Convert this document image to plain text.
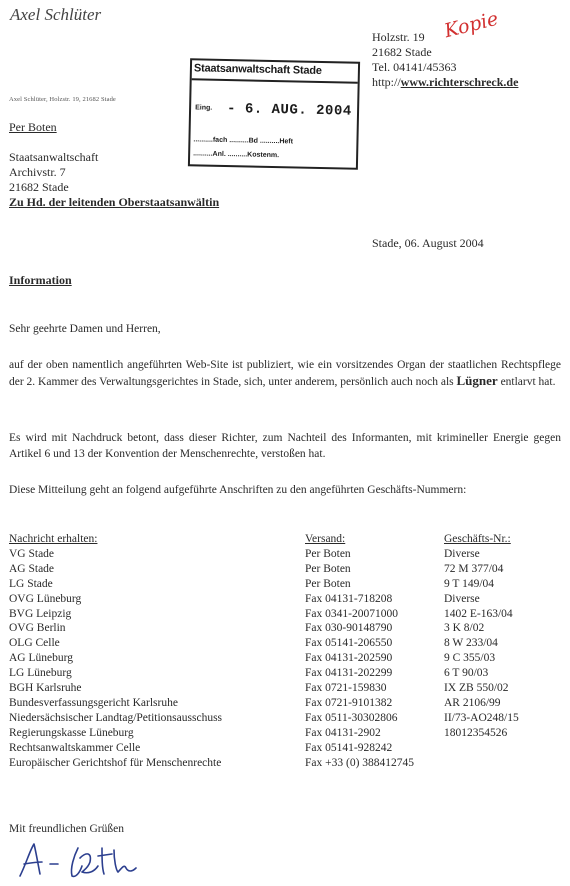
Axel Schlüter
Holzstr. 19
21682 Stade
Tel. 04141/45363
http://www.richterschreck.de
Kopie
Staatsanwaltschaft Stade
Eing. - 6. AUG. 2004
..........fach ..........Bd ..........Heft
..........Anl. ..........Kostenm.
Axel Schlüter, Holzstr. 19, 21682 Stade
Per Boten
Staatsanwaltschaft
Archivstr. 7
21682 Stade
Zu Hd. der leitenden Oberstaatsanwältin
Stade, 06. August 2004
Information
Sehr geehrte Damen und Herren,
auf der oben namentlich angeführten Web-Site ist publiziert, wie ein vorsitzendes Organ der staatlichen Rechtspflege der 2. Kammer des Verwaltungsgerichtes in Stade, sich, unter anderem, persönlich auch noch als Lügner entlarvt hat.
Es wird mit Nachdruck betont, dass dieser Richter, zum Nachteil des Informanten, mit krimineller Energie gegen Artikel 6 und 13 der Konvention der Menschenrechte, verstoßen hat.
Diese Mitteilung geht an folgend aufgeführte Anschriften zu den angeführten Geschäfts-Nummern:
Nachricht erhalten:	Versand:	Geschäfts-Nr.:
VG Stade	Per Boten	Diverse
AG Stade	Per Boten	72 M 377/04
LG Stade	Per Boten	9 T 149/04
OVG Lüneburg	Fax 04131-718208	Diverse
BVG Leipzig	Fax 0341-20071000	1402 E-163/04
OVG Berlin	Fax 030-90148790	3 K 8/02
OLG Celle	Fax 05141-206550	8 W 233/04
AG Lüneburg	Fax 04131-202590	9 C 355/03
LG Lüneburg	Fax 04131-202299	6 T 90/03
BGH Karlsruhe	Fax 0721-159830	IX ZB 550/02
Bundesverfassungsgericht Karlsruhe	Fax 0721-9101382	AR 2106/99
Niedersächsischer Landtag/Petitionsausschuss	Fax 0511-30302806	II/73-AO248/15
Regierungskasse Lüneburg	Fax 04131-2902	18012354526
Rechtsanwaltskammer Celle	Fax 05141-928242	
Europäischer Gerichtshof für Menschenrechte	Fax +33 (0) 388412745	
Mit freundlichen Grüßen
